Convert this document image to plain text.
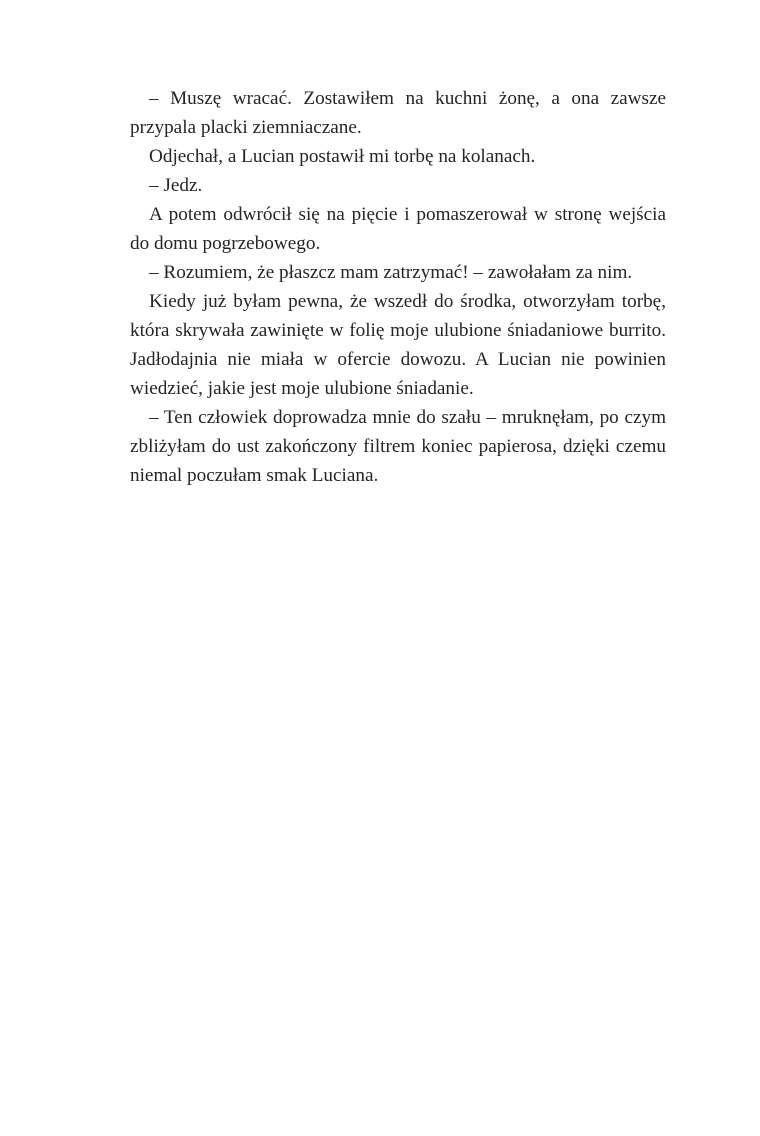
– Muszę wracać. Zostawiłem na kuchni żonę, a ona zawsze przypala placki ziemniaczane.

Odjechał, a Lucian postawił mi torbę na kolanach.

– Jedz.

A potem odwrócił się na pięcie i pomaszerował w stronę wejścia do domu pogrzebowego.

– Rozumiem, że płaszcz mam zatrzymać! – zawołałam za nim.

Kiedy już byłam pewna, że wszedł do środka, otworzyłam torbę, która skrywała zawinięte w folię moje ulubione śniadaniowe burrito. Jadłodajnia nie miała w ofercie dowozu. A Lucian nie powinien wiedzieć, jakie jest moje ulubione śniadanie.

– Ten człowiek doprowadza mnie do szału – mruknęłam, po czym zbliżyłam do ust zakończony filtrem koniec papierosa, dzięki czemu niemal poczułam smak Luciana.
